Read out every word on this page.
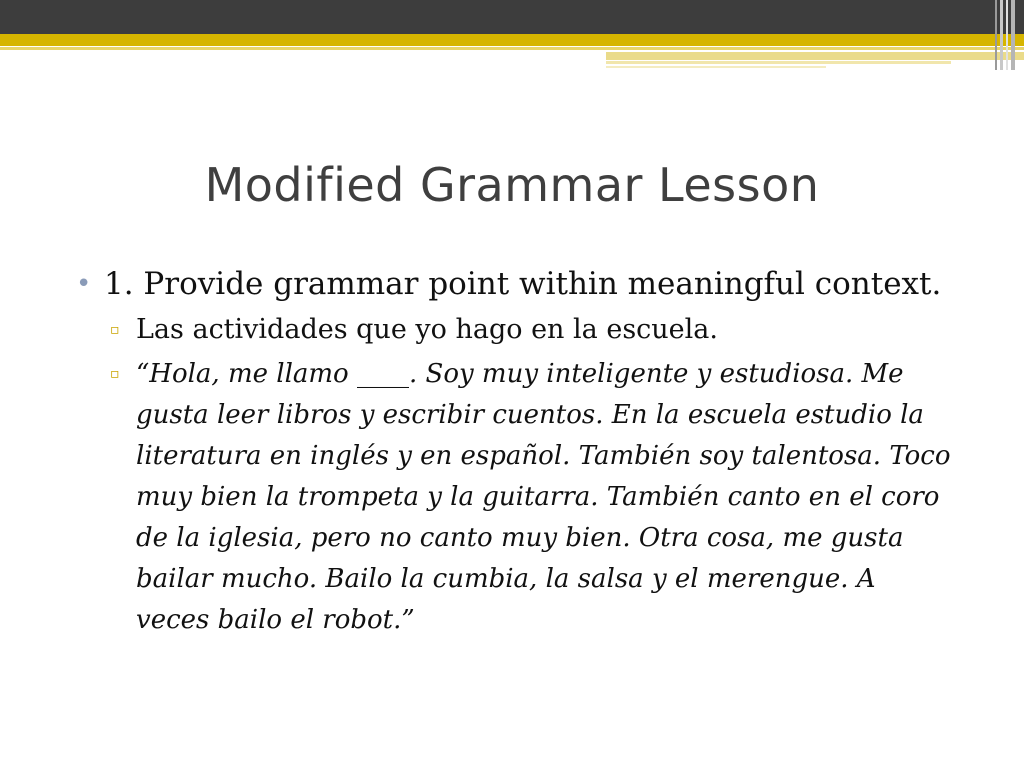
Modified Grammar Lesson
• 1. Provide grammar point within meaningful context.
▫ Las actividades que yo hago en la escuela.
▫ “Hola, me llamo ____. Soy muy inteligente y estudiosa. Me gusta leer libros y escribir cuentos. En la escuela estudio la literatura en inglés y en español. También soy talentosa. Toco muy bien la trompeta y la guitarra. También canto en el coro de la iglesia, pero no canto muy bien. Otra cosa, me gusta bailar mucho. Bailo la cumbia, la salsa y el merengue. A veces bailo el robot.”
